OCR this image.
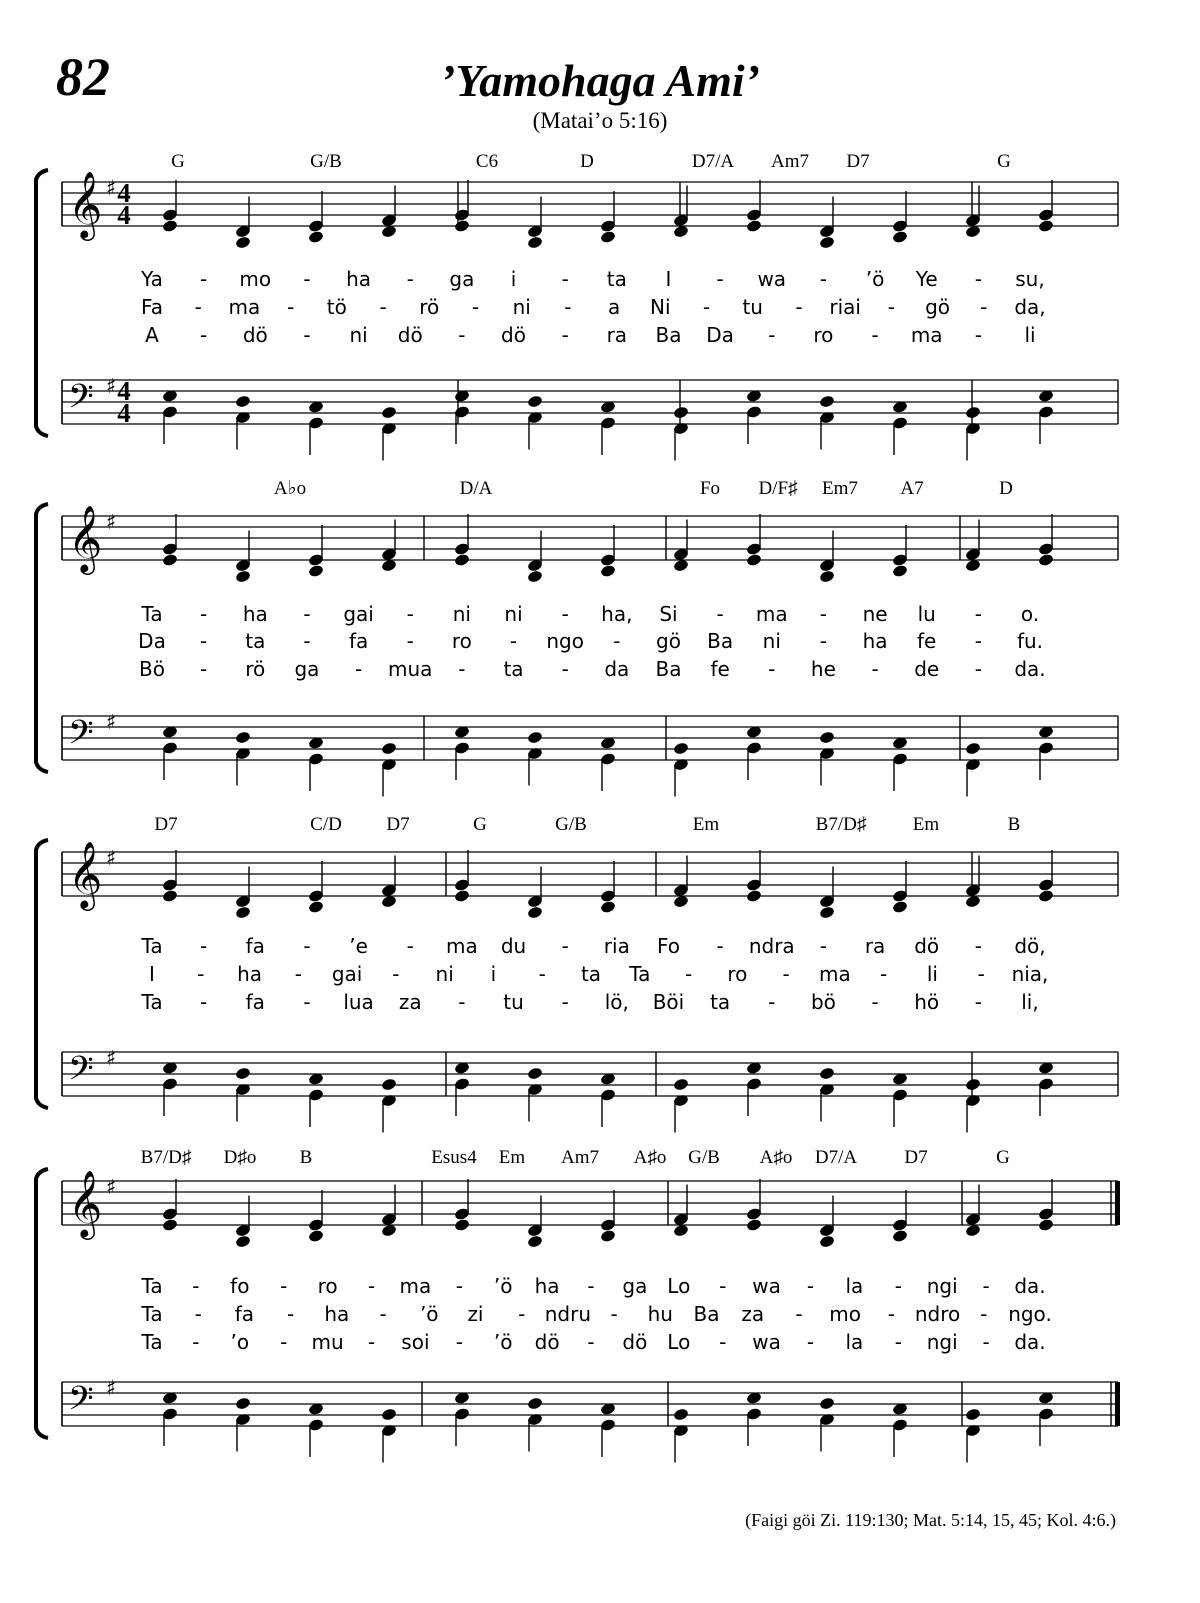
82	’Yamohaga Ami’
(Matai’o 5:16)
𝄞 ♯ 4
4
𝄢 ♯ 4
4
G	G/B	C6	D	D7/A Am7 D7	G
Ya - mo - ha - ga i - ta I - wa - ’ö Ye - su,
Fa - ma - tö - rö - ni - a Ni - tu - riai - gö - da,
A - dö - ni dö - dö - ra Ba Da - ro - ma - li
𝄞 ♯
𝄢 ♯
A♭o	D/A	Fo D/F♯ Em7 A7	D
Ta - ha - gai - ni ni - ha, Si - ma - ne lu - o.
Da - ta - fa - ro - ngo - gö Ba ni - ha fe - fu.
Bö - rö ga - mua - ta - da Ba fe - he - de - da.
𝄞 ♯
𝄢 ♯
D7	C/D D7	G	G/B	Em	B7/D♯ Em	B
Ta - fa - ’e - ma du - ria Fo - ndra - ra dö - dö,
I - ha - gai - ni i - ta Ta - ro - ma - li - nia,
Ta - fa - lua za - tu - lö, Böi ta - bö - hö - li,
𝄞 ♯
𝄢 ♯
B7/D♯ D♯o B	Esus4 Em Am7 A♯o G/B A♯o D7/A D7	G
Ta - fo - ro - ma - ’ö ha - ga Lo - wa - la - ngi - da.
Ta - fa - ha - ’ö zi - ndru - hu Ba za - mo - ndro - ngo.
Ta - ’o - mu - soi - ’ö dö - dö Lo - wa - la - ngi - da.
(Faigi göi Zi. 119:130; Mat. 5:14, 15, 45; Kol. 4:6.)
